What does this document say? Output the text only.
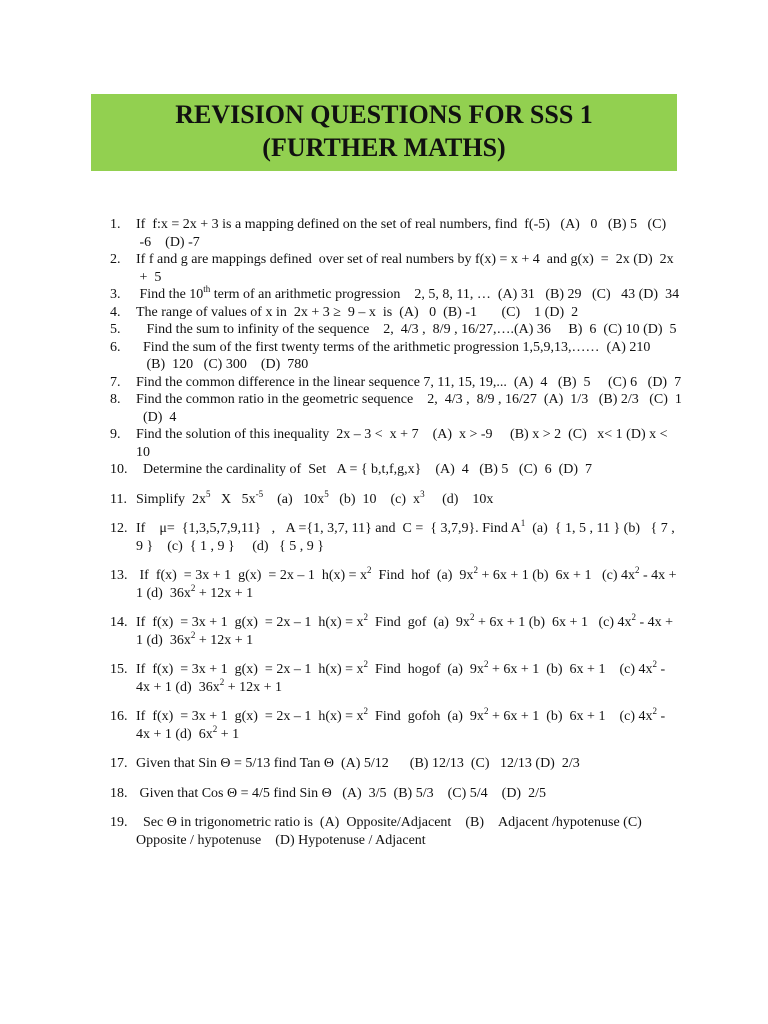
REVISION QUESTIONS FOR SSS 1
(FURTHER MATHS)
1. If  f:x = 2x + 3 is a mapping defined on the set of real numbers, find  f(-5)   (A)   0   (B) 5   (C)  -6    (D) -7
2. If f and g are mappings defined  over set of real numbers by f(x) = x + 4  and g(x)  =  2x (D)  2x  +  5
3. Find the 10th term of an arithmetic progression    2, 5, 8, 11, …  (A) 31   (B) 29   (C)   43 (D)  34
4. The range of values of x in  2x + 3 ≥  9 – x  is  (A)   0  (B) -1       (C)    1 (D)  2
5. Find the sum to infinity of the sequence    2,  4/3 ,  8/9 , 16/27,….(A) 36     B)  6  (C) 10 (D)  5
6. Find the sum of the first twenty terms of the arithmetic progression 1,5,9,13,……  (A) 210    (B)  120   (C) 300    (D)  780
7. Find the common difference in the linear sequence 7, 11, 15, 19,...  (A)  4   (B)  5     (C) 6   (D)  7
8. Find the common ratio in the geometric sequence    2,  4/3 ,  8/9 , 16/27  (A)  1/3   (B) 2/3   (C)  1   (D)  4
9. Find the solution of this inequality  2x – 3 <  x + 7    (A)  x > -9     (B) x > 2  (C)   x< 1 (D) x < 10
10. Determine the cardinality of  Set   A = { b,t,f,g,x}    (A)  4   (B) 5   (C)  6  (D)  7
11. Simplify  $2x^5$   X   $5x^{-5}$    (a)   $10x^5$   (b)  10    (c)  $x^3$     (d)    10x
12. If    μ=  {1,3,5,7,9,11}   ,   A ={1, 3,7, 11} and  C =  { 3,7,9}. Find $A^1$  (a)  { 1, 5 , 11 } (b)   { 7 , 9 }    (c)  { 1 , 9 }     (d)   { 5 , 9 }
13. If  f(x)  = 3x + 1  g(x)  = 2x – 1  $h(x) = x^2$  Find  hof  (a)  $9x^2 + 6x + 1$ (b)  6x + 1   (c) $4x^2 - 4x + 1$ (d)  $36x^2 + 12x + 1$
14. If  f(x)  = 3x + 1  g(x)  = 2x – 1  $h(x) = x^2$  Find  gof  (a)  $9x^2 + 6x + 1$ (b)  6x + 1   (c) $4x^2 - 4x + 1$ (d)  $36x^2 + 12x + 1$
15. If  f(x)  = 3x + 1  g(x)  = 2x – 1  $h(x) = x^2$  Find  hogof  (a)  $9x^2 + 6x + 1$  (b)  6x + 1    (c) $4x^2 - 4x + 1$ (d)  $36x^2 + 12x + 1$
16. If  f(x)  = 3x + 1  g(x)  = 2x – 1  $h(x) = x^2$  Find  gofoh  (a)  $9x^2 + 6x + 1$  (b)  6x + 1    (c) $4x^2 - 4x + 1$ (d)  $6x^2 + 1$
17. Given that Sin Θ = 5/13 find Tan Θ  (A) 5/12      (B) 12/13  (C)   12/13 (D)  2/3
18. Given that Cos Θ = 4/5 find Sin Θ   (A)  3/5  (B) 5/3    (C) 5/4    (D)  2/5
19. Sec Θ in trigonometric ratio is  (A)  Opposite/Adjacent    (B)    Adjacent /hypotenuse (C) Opposite / hypotenuse    (D) Hypotenuse / Adjacent
